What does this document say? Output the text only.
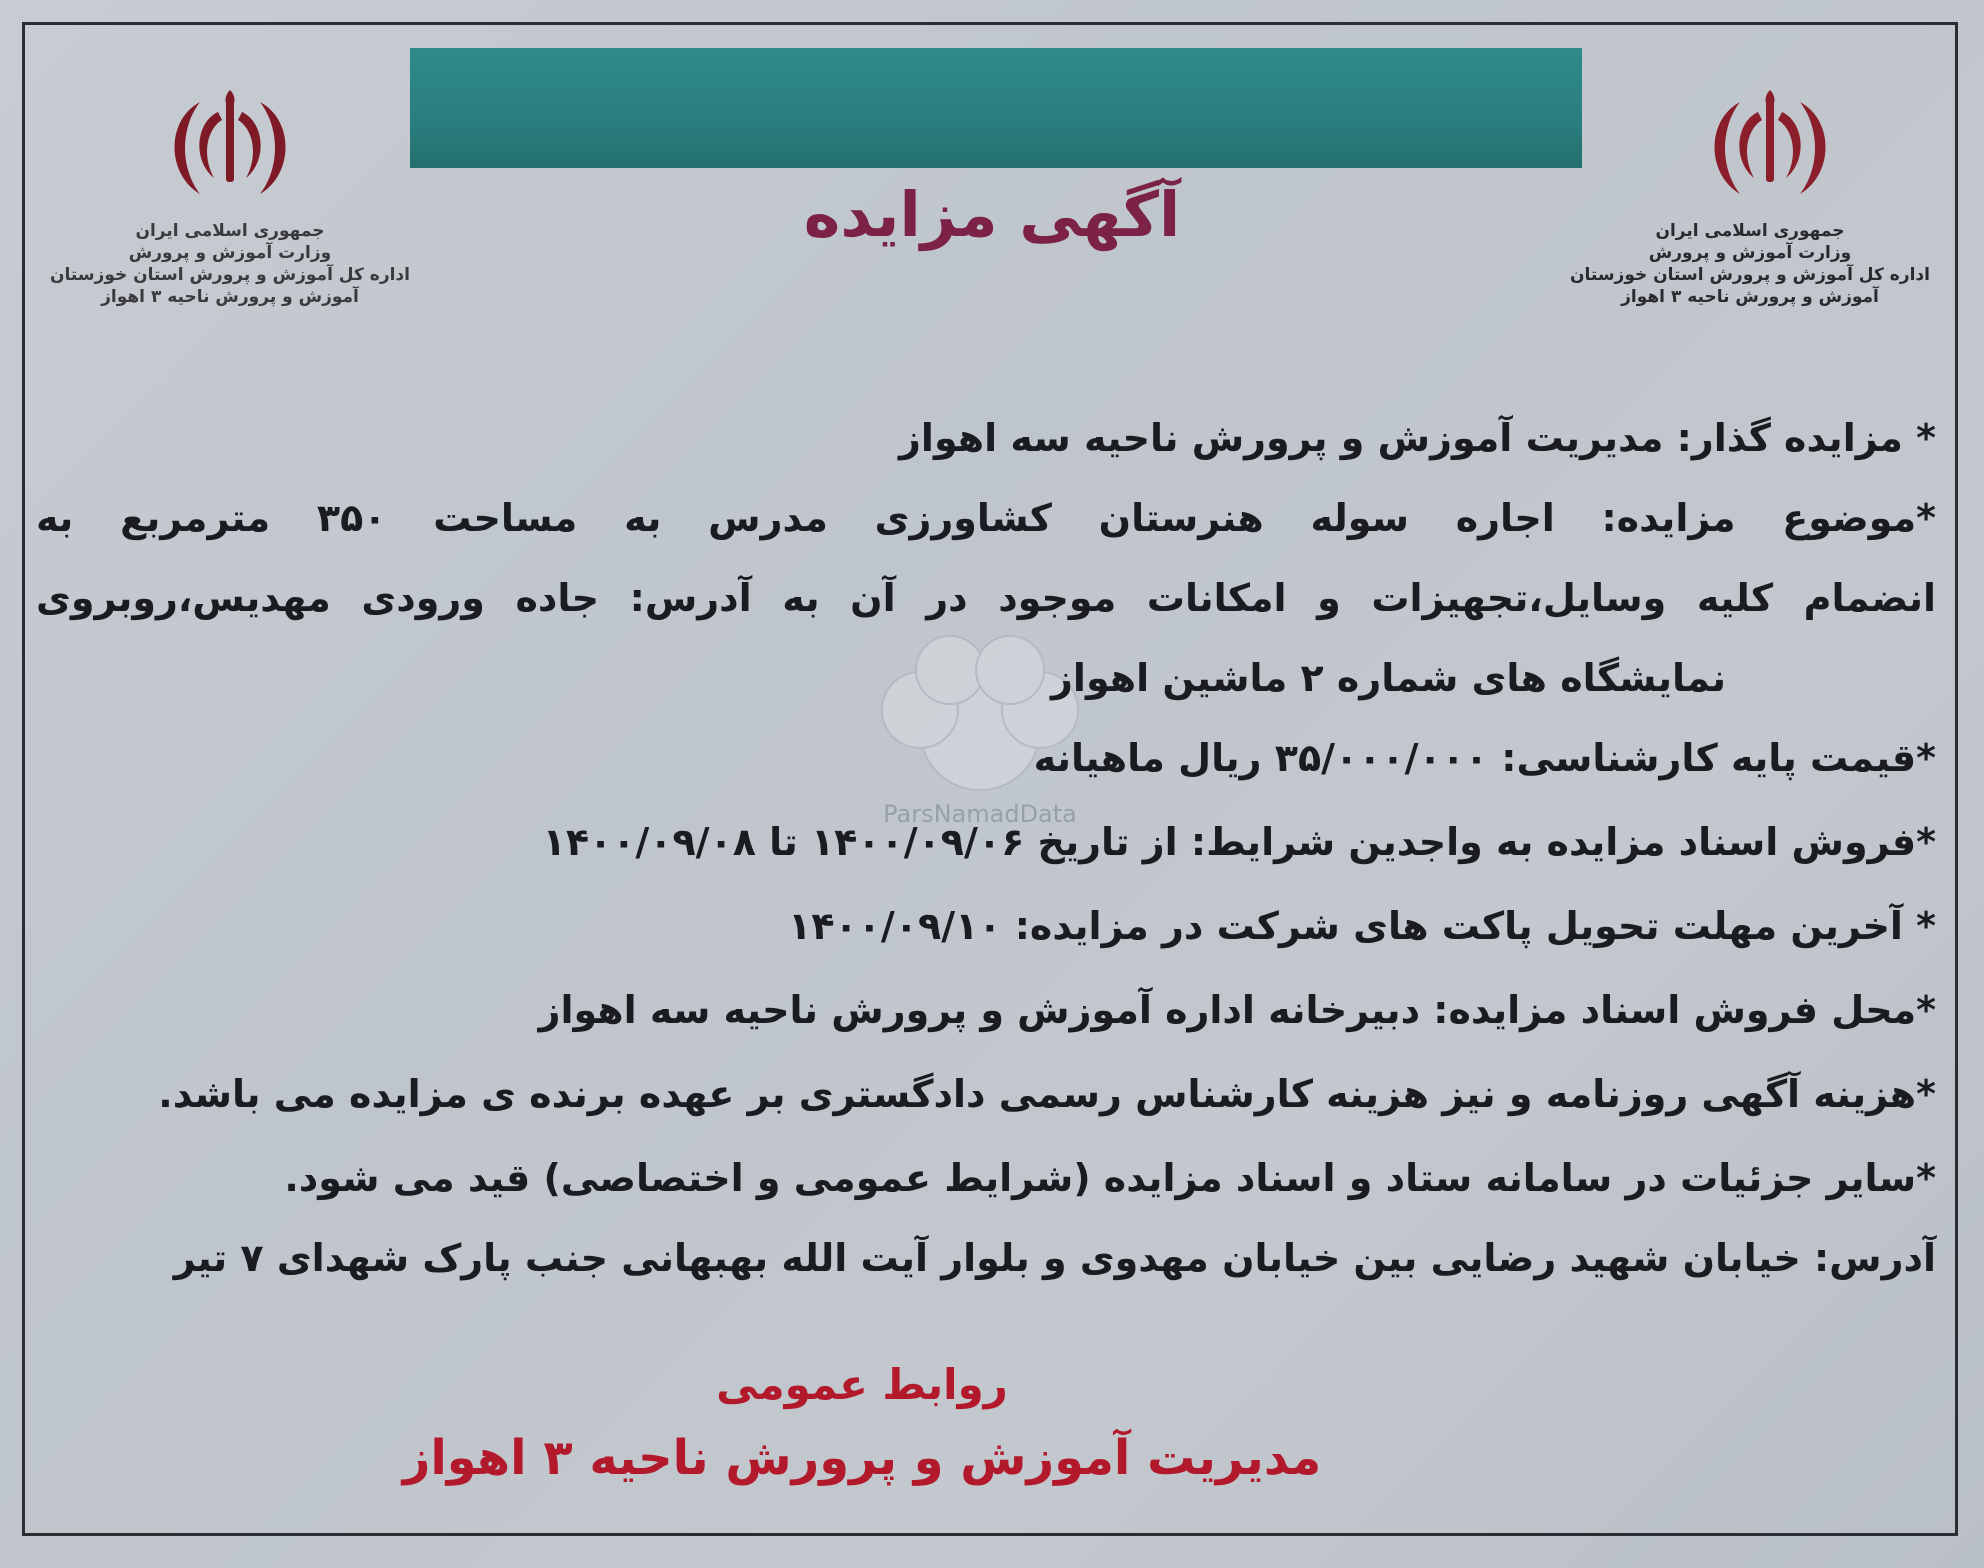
آگهی مزایده	جمهوری اسلامی ایران
وزارت آموزش و پرورش
اداره کل آموزش و پرورش استان خوزستان
آموزش و پرورش ناحیه ۳ اهواز
جمهوری اسلامی ایران
وزارت آموزش و پرورش
اداره کل آموزش و پرورش استان خوزستان
آموزش و پرورش ناحیه ۳ اهواز
ParsNamadData
* مزایده گذار: مدیریت آموزش و پرورش ناحیه سه اهواز
*موضوع مزایده: اجاره سوله هنرستان کشاورزی مدرس به مساحت ۳۵۰ مترمربع به
انضمام کلیه وسایل،تجهیزات و امکانات موجود در آن به آدرس: جاده ورودی مهدیس،روبروی
نمایشگاه های شماره ۲ ماشین اهواز
*قیمت پایه کارشناسی: ۳۵/۰۰۰/۰۰۰ ریال ماهیانه
*فروش اسناد مزایده به واجدین شرایط: از تاریخ ۱۴۰۰/۰۹/۰۶ تا ۱۴۰۰/۰۹/۰۸
* آخرین مهلت تحویل پاکت های شرکت در مزایده: ۱۴۰۰/۰۹/۱۰
*محل فروش اسناد مزایده: دبیرخانه اداره آموزش و پرورش ناحیه سه اهواز
*هزینه آگهی روزنامه و نیز هزینه کارشناس رسمی دادگستری بر عهده برنده ی مزایده می باشد.
*سایر جزئیات در سامانه ستاد و اسناد مزایده (شرایط عمومی و اختصاصی) قید می شود.
آدرس: خیابان شهید رضایی بین خیابان مهدوی و بلوار آیت الله بهبهانی جنب پارک شهدای ۷ تیر
روابط عمومی
مدیریت آموزش و پرورش ناحیه ۳ اهواز
